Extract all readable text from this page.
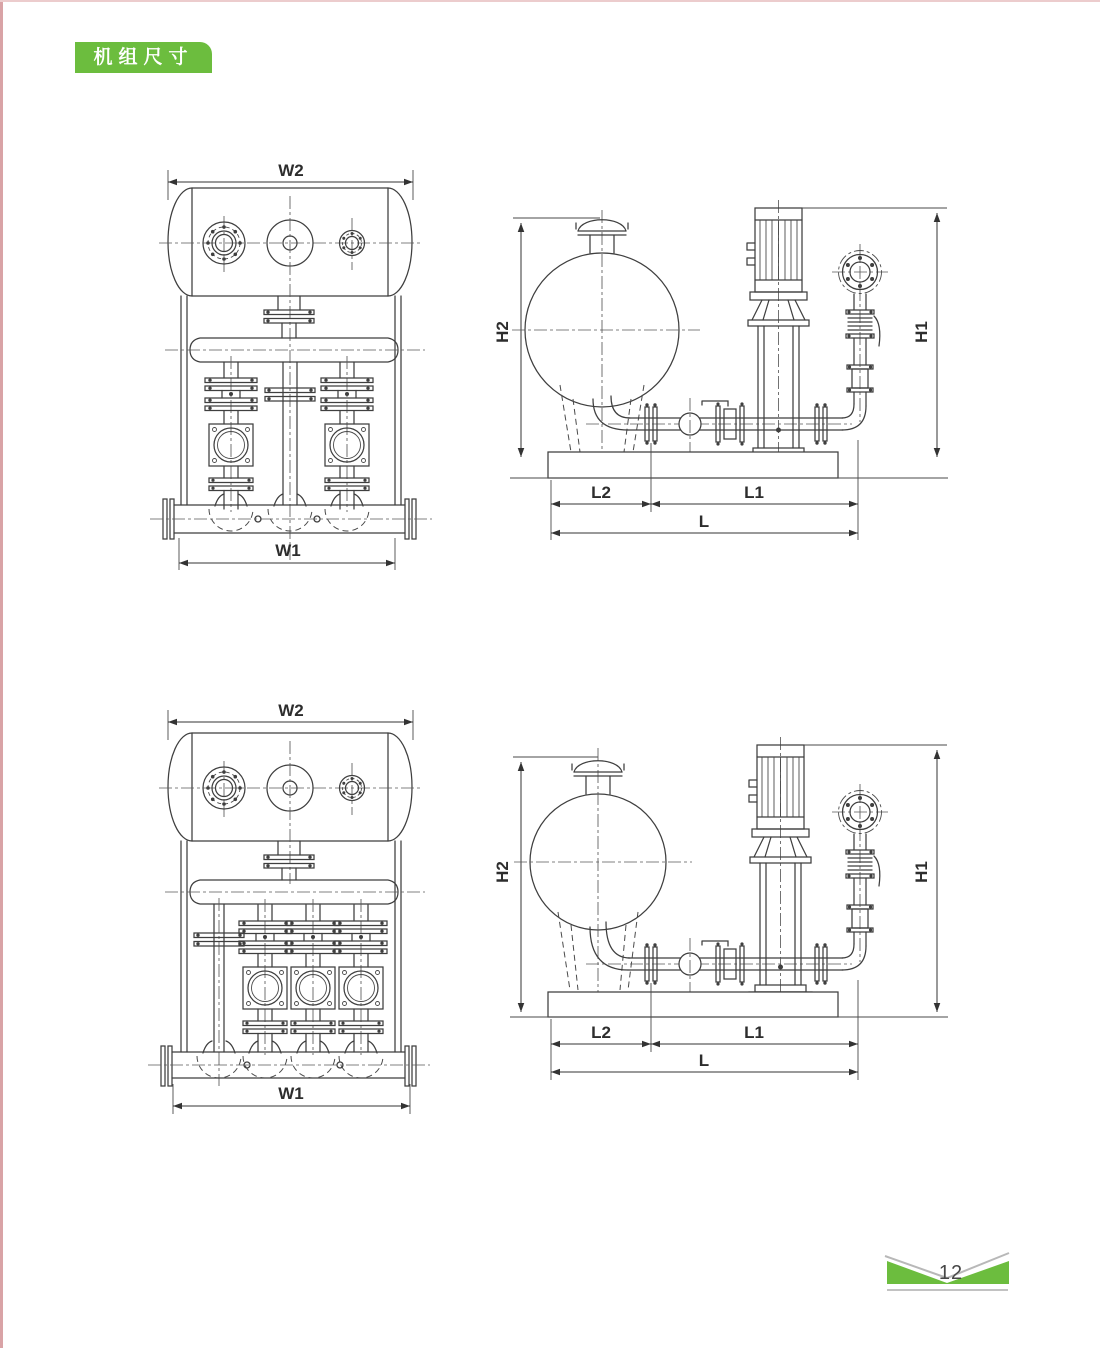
机组尺寸
W2
W1
H2	H1
L2	L1
L
W2
W1
H2	H1
L2	L1
L
12
